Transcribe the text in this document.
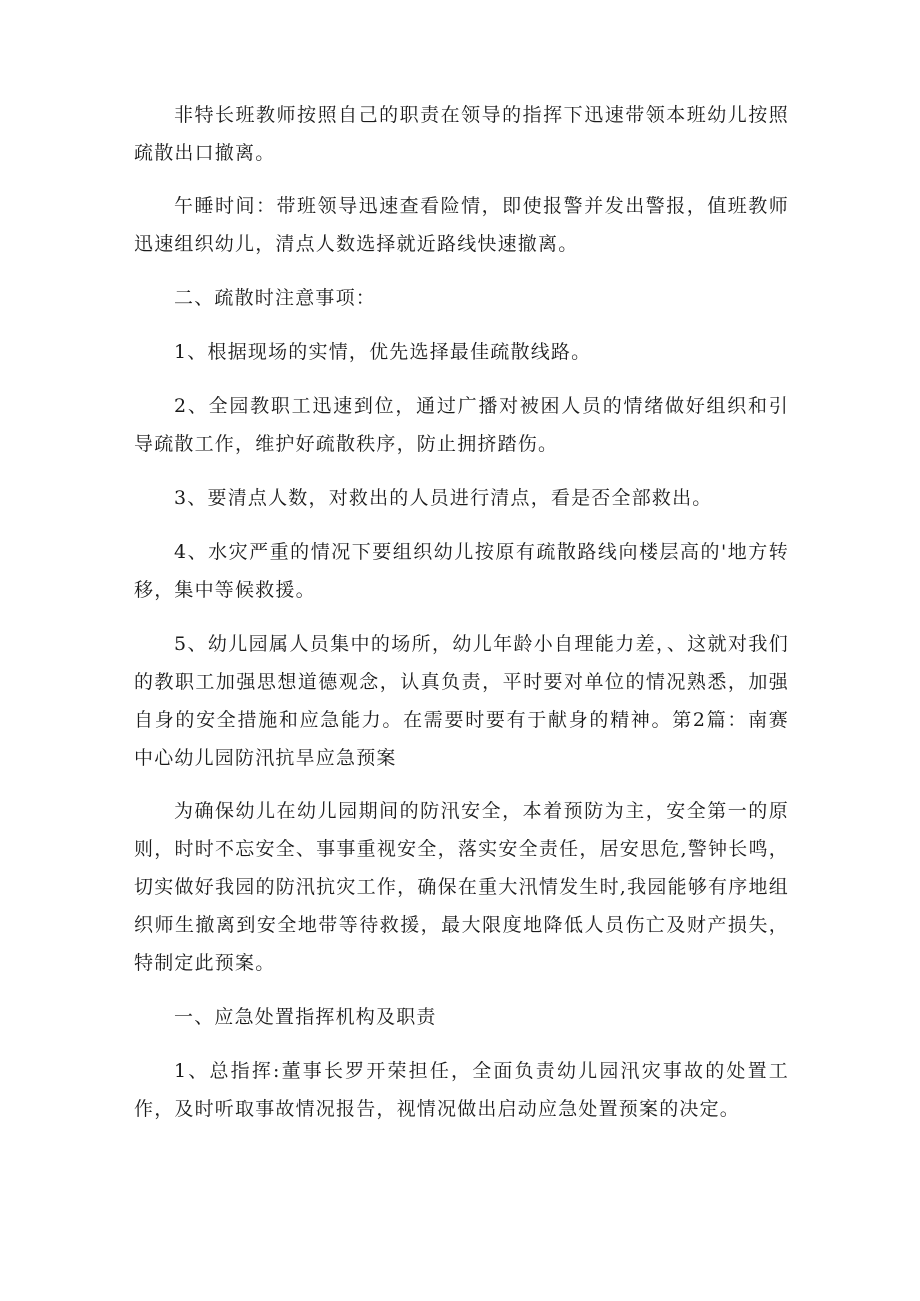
非特长班教师按照自己的职责在领导的指挥下迅速带领本班幼儿按照疏散出口撤离。

午睡时间：带班领导迅速查看险情，即使报警并发出警报，值班教师迅速组织幼儿，清点人数选择就近路线快速撤离。

二、疏散时注意事项：

1、根据现场的实情，优先选择最佳疏散线路。

2、全园教职工迅速到位，通过广播对被困人员的情绪做好组织和引导疏散工作，维护好疏散秩序，防止拥挤踏伤。

3、要清点人数，对救出的人员进行清点，看是否全部救出。

4、水灾严重的情况下要组织幼儿按原有疏散路线向楼层高的'地方转移，集中等候救援。

5、幼儿园属人员集中的场所，幼儿年龄小自理能力差，、这就对我们的教职工加强思想道德观念，认真负责，平时要对单位的情况熟悉，加强自身的安全措施和应急能力。在需要时要有于献身的精神。第2篇：南赛中心幼儿园防汛抗旱应急预案

为确保幼儿在幼儿园期间的防汛安全，本着预防为主，安全第一的原则，时时不忘安全、事事重视安全，落实安全责任，居安思危,警钟长鸣，切实做好我园的防汛抗灾工作，确保在重大汛情发生时,我园能够有序地组织师生撤离到安全地带等待救援，最大限度地降低人员伤亡及财产损失，特制定此预案。

一、应急处置指挥机构及职责

1、总指挥:董事长罗开荣担任，全面负责幼儿园汛灾事故的处置工作，及时听取事故情况报告，视情况做出启动应急处置预案的决定。
